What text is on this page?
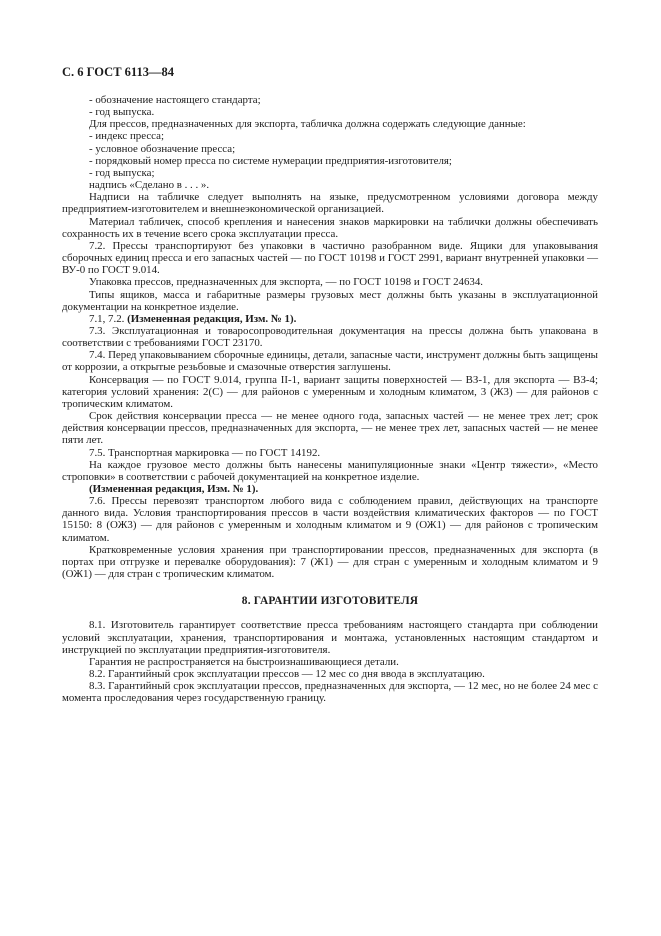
С. 6 ГОСТ 6113—84

- обозначение настоящего стандарта;

- год выпуска.

Для прессов, предназначенных для экспорта, табличка должна содержать следующие данные:

- индекс пресса;

- условное обозначение пресса;

- порядковый номер пресса по системе нумерации предприятия-изготовителя;

- год выпуска;

надпись «Сделано в . . . ».

Надписи на табличке следует выполнять на языке, предусмотренном условиями договора между предприятием-изготовителем и внешнеэкономической организацией.

Материал табличек, способ крепления и нанесения знаков маркировки на таблички должны обеспечивать сохранность их в течение всего срока эксплуатации пресса.

7.2. Прессы транспортируют без упаковки в частично разобранном виде. Ящики для упаковывания сборочных единиц пресса и его запасных частей — по ГОСТ 10198 и ГОСТ 2991, вариант внутренней упаковки — ВУ-0 по ГОСТ 9.014.

Упаковка прессов, предназначенных для экспорта, — по ГОСТ 10198 и ГОСТ 24634.

Типы ящиков, масса и габаритные размеры грузовых мест должны быть указаны в эксплуатационной документации на конкретное изделие.

7.1, 7.2. (Измененная редакция, Изм. № 1).

7.3. Эксплуатационная и товаросопроводительная документация на прессы должна быть упакована в соответствии с требованиями ГОСТ 23170.

7.4. Перед упаковыванием сборочные единицы, детали, запасные части, инструмент должны быть защищены от коррозии, а открытые резьбовые и смазочные отверстия заглушены.

Консервация — по ГОСТ 9.014, группа II-1, вариант защиты поверхностей — ВЗ-1, для экспорта — ВЗ-4; категория условий хранения: 2(С) — для районов с умеренным и холодным климатом, 3 (Ж3) — для районов с тропическим климатом.

Срок действия консервации пресса — не менее одного года, запасных частей — не менее трех лет; срок действия консервации прессов, предназначенных для экспорта, — не менее трех лет, запасных частей — не менее пяти лет.

7.5. Транспортная маркировка — по ГОСТ 14192.

На каждое грузовое место должны быть нанесены манипуляционные знаки «Центр тяжести», «Место строповки» в соответствии с рабочей документацией на конкретное изделие.

(Измененная редакция, Изм. № 1).

7.6. Прессы перевозят транспортом любого вида с соблюдением правил, действующих на транспорте данного вида. Условия транспортирования прессов в части воздействия климатических факторов — по ГОСТ 15150: 8 (ОЖ3) — для районов с умеренным и холодным климатом и 9 (ОЖ1) — для районов с тропическим климатом.

Кратковременные условия хранения при транспортировании прессов, предназначенных для экспорта (в портах при отгрузке и перевалке оборудования): 7 (Ж1) — для стран с умеренным и холодным климатом и 9 (ОЖ1) — для стран с тропическим климатом.

8. ГАРАНТИИ ИЗГОТОВИТЕЛЯ

8.1. Изготовитель гарантирует соответствие пресса требованиям настоящего стандарта при соблюдении условий эксплуатации, хранения, транспортирования и монтажа, установленных настоящим стандартом и инструкцией по эксплуатации предприятия-изготовителя.

Гарантия не распространяется на быстроизнашивающиеся детали.

8.2. Гарантийный срок эксплуатации прессов — 12 мес со дня ввода в эксплуатацию.

8.3. Гарантийный срок эксплуатации прессов, предназначенных для экспорта, — 12 мес, но не более 24 мес с момента проследования через государственную границу.
